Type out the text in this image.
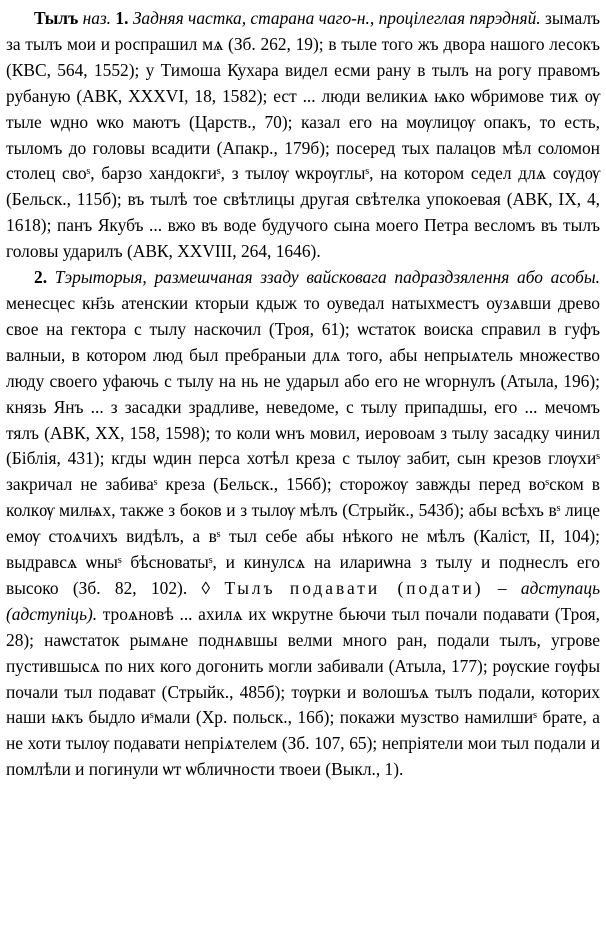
Тылъ наз. 1. Задняя частка, старана чаго-н., процілеглая пярэдняй. зымалъ за тылъ мои и роспрашил мѧ (Зб. 262, 19); в тыле того жъ двора нашого лесокъ (КВС, 564, 1552); у Тимоша Кухара видел есми рану в тылъ на рогу правомъ рубаную (АВК, XXXVI, 18, 1582); ест ... люди великиѧ ѩко ѡбримове тиѫ ѹ тыле ѡдно ѡко маютъ (Царств., 70); казал его на мѹлицѹ опакъ, то есть, тыломъ до головы всадити (Апакр., 179б); посеред тых палацов мѣл соломон столец своˢ, барзо хандокгиˢ, з тылѹ ѡкрѹглыˢ, на котором седел длѧ сѹдѹ (Бельск., 115б); въ тылѣ тое свѣтлицы другая свѣтелка упокоевая (АВК, IX, 4, 1618); панъ Якубъ ... вжо въ воде будучого сына моего Петра весломъ въ тылъ головы ударилъ (АВК, XXVIII, 264, 1646).

2. Тэрыторыя, размешчаная ззаду вайсковага падраздзялення або асобы. менесцес кн҃зь атенскии кторыи кдыж то оуведал натыхместъ оузѧвши древо свое на гектора с тылу наскочил (Троя, 61); ѡстаток воиска справил в гуфъ валныи, в котором люд был пребраныи длѧ того, абы непрыѧтель множество люду своего уфаючь с тылу на нь не ударыл або его не ѡгорнулъ (Атыла, 196); князь Янъ ... з засадки зрадливе, неведоме, с тылу припадшы, его ... мечомъ тялъ (АВК, XX, 158, 1598); то коли ѡнъ мовил, иеровоам з тылу засадку чинил (Біблія, 431); кгды ѡдин перса хотѣл креза с тылѹ забит, сын крезов глѹхиˢ закричал не забиваˢ креза (Бельск., 156б); сторожѹ завжды перед воˢском в колкѹ милѩх, также з боков и з тылѹ мѣлъ (Стрыйк., 543б); абы всѣхъ вˢ лице емѹ стоѧчихъ видѣлъ, а вˢ тыл себе абы нѣкого не мѣлъ (Каліст, II, 104); выдравсѧ ѡныˢ бѣсноватыˢ, и кинулсѧ на илариѡна з тылу и поднеслъ его высоко (Зб. 82, 102). ◊ Тылъ подавати (подати) – адступаць (адступіць). троѧновѣ ... ахилѧ их ѡкрутне бьючи тыл почали подавати (Троя, 28); наѡстаток рымѧне поднѧвшы велми много ран, подали тылъ, угрове пустившысѧ по них кого догонить могли забивали (Атыла, 177); рѹские гѹфы почали тыл подават (Стрыйк., 485б); тѹрки и волошъѧ тылъ подали, которих наши ѩкъ быдло иˢмали (Хр. польск., 16б); покажи музство намилшиˢ брате, а не хоти тылѹ подавати непріѧтелем (Зб. 107, 65); непріятели мои тыл подали и помлѣли и погинули ѡт ѡбличности твоеи (Выкл., 1).
